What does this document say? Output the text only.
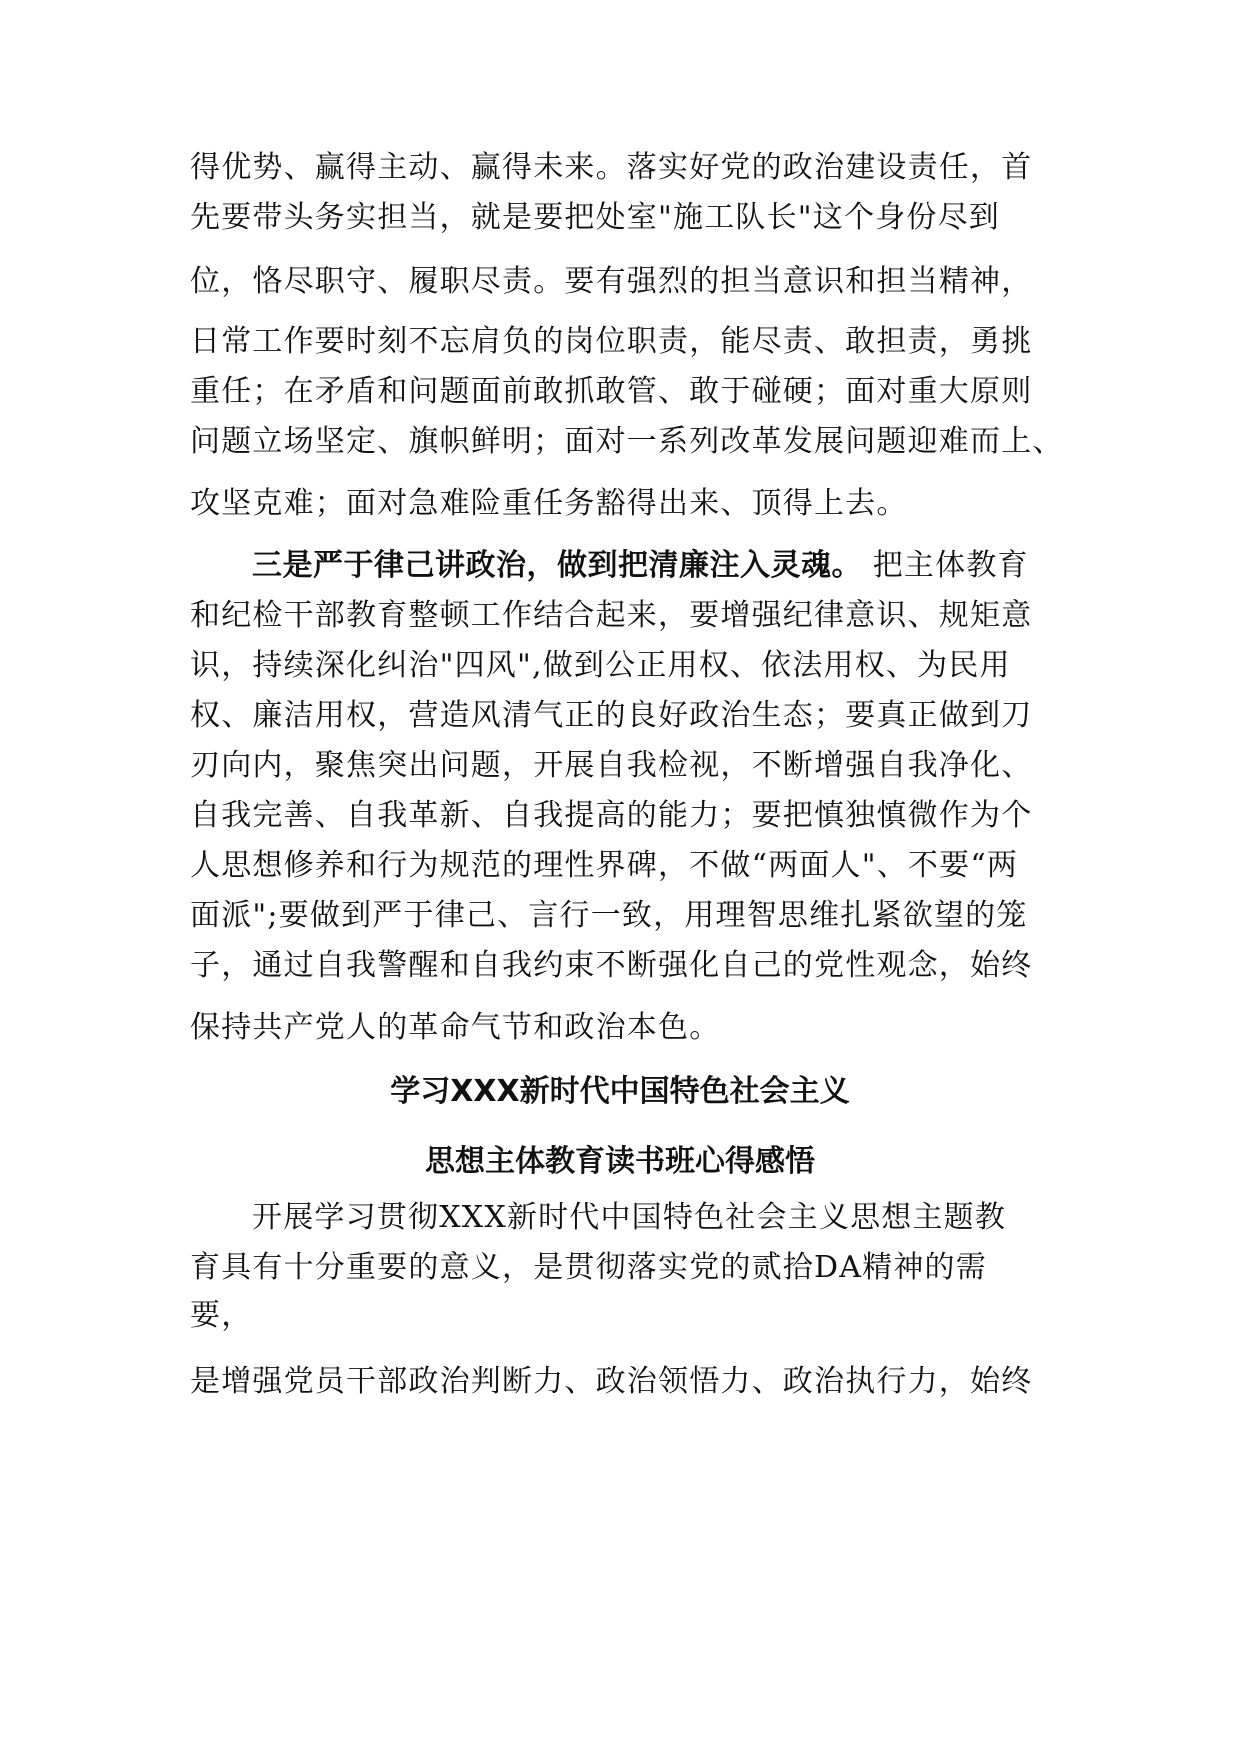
得优势、赢得主动、赢得未来。落实好党的政治建设责任，首
先要带头务实担当，就是要把处室"施工队长"这个身份尽到
位，恪尽职守、履职尽责。要有强烈的担当意识和担当精神，
日常工作要时刻不忘肩负的岗位职责，能尽责、敢担责，勇挑
重任；在矛盾和问题面前敢抓敢管、敢于碰硬；面对重大原则
问题立场坚定、旗帜鲜明；面对一系列改革发展问题迎难而上、
攻坚克难；面对急难险重任务豁得出来、顶得上去。
三是严于律己讲政治，做到把清廉注入灵魂。 把主体教育
和纪检干部教育整顿工作结合起来，要增强纪律意识、规矩意
识，持续深化纠治"四风",做到公正用权、依法用权、为民用
权、廉洁用权，营造风清气正的良好政治生态；要真正做到刀
刃向内，聚焦突出问题，开展自我检视，不断增强自我净化、
自我完善、自我革新、自我提高的能力；要把慎独慎微作为个
人思想修养和行为规范的理性界碑，不做“两面人"、不要“两
面派";要做到严于律己、言行一致，用理智思维扎紧欲望的笼
子，通过自我警醒和自我约束不断强化自己的党性观念，始终
保持共产党人的革命气节和政治本色。
学习XXX新时代中国特色社会主义
思想主体教育读书班心得感悟
开展学习贯彻XXX新时代中国特色社会主义思想主题教
育具有十分重要的意义，是贯彻落实党的贰拾DA精神的需
要，
是增强党员干部政治判断力、政治领悟力、政治执行力，始终
